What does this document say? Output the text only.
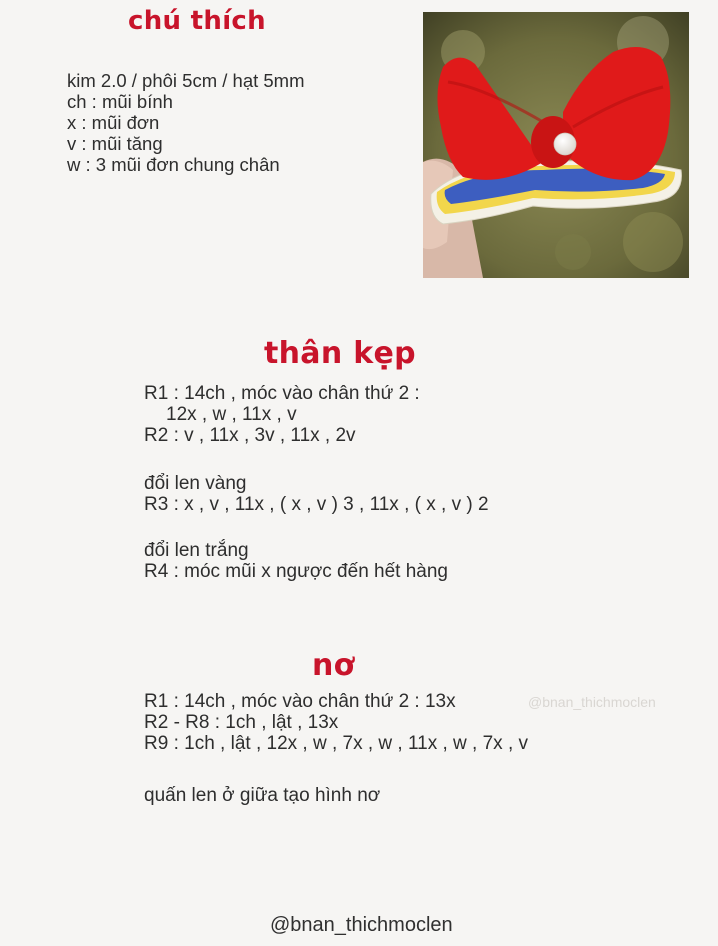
chú thích
kim 2.0 / phôi 5cm / hạt 5mm
ch : mũi bính
x : mũi đơn
v : mũi tăng
w : 3 mũi đơn chung chân
thân kẹp
R1 : 14ch , móc vào chân thứ 2 :
12x , w , 11x , v
R2 : v , 11x , 3v , 11x , 2v
đổi len vàng
R3 : x , v , 11x , ( x , v ) 3 , 11x , ( x , v ) 2
đổi len trắng
R4 : móc mũi x ngược đến hết hàng
nơ
R1 : 14ch , móc vào chân thứ 2 : 13x
R2 - R8 : 1ch , lật , 13x
R9 : 1ch , lật , 12x , w , 7x , w , 11x , w , 7x , v
@bnan_thichmoclen
quấn len ở giữa tạo hình nơ
@bnan_thichmoclen
